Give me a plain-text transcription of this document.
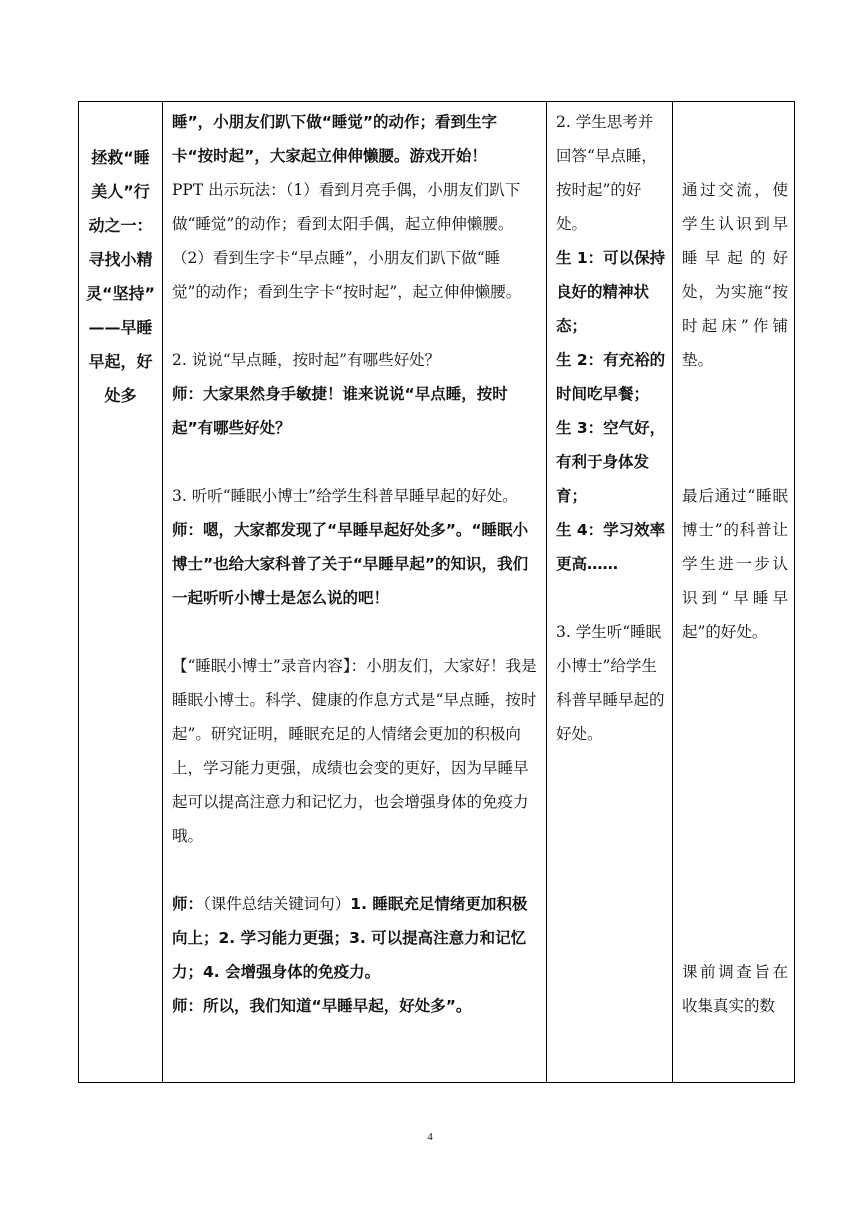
拯救“睡
美人”行
动之一：
寻找小精
灵“坚持”
——早睡
早起，好
处多

睡”，小朋友们趴下做“睡觉”的动作；看到生字卡“按时起”，大家起立伸伸懒腰。游戏开始！

PPT 出示玩法：（1）看到月亮手偶，小朋友们趴下做“睡觉”的动作；看到太阳手偶，起立伸伸懒腰。（2）看到生字卡“早点睡”，小朋友们趴下做“睡觉”的动作；看到生字卡“按时起”，起立伸伸懒腰。

2. 说说“早点睡，按时起”有哪些好处？

师：大家果然身手敏捷！谁来说说“早点睡，按时起”有哪些好处？

3. 听听“睡眠小博士”给学生科普早睡早起的好处。

师：嗯，大家都发现了“早睡早起好处多”。“睡眠小博士”也给大家科普了关于“早睡早起”的知识，我们一起听听小博士是怎么说的吧！

【“睡眠小博士”录音内容】：小朋友们，大家好！我是睡眠小博士。科学、健康的作息方式是“早点睡，按时起”。研究证明，睡眠充足的人情绪会更加的积极向上，学习能力更强，成绩也会变的更好，因为早睡早起可以提高注意力和记忆力，也会增强身体的免疫力哦。

师：（课件总结关键词句）1. 睡眠充足情绪更加积极向上；2. 学习能力更强；3. 可以提高注意力和记忆力；4. 会增强身体的免疫力。

师：所以，我们知道“早睡早起，好处多”。

2. 学生思考并回答“早点睡，按时起”的好处。

生 1：可以保持良好的精神状态；

生 2：有充裕的时间吃早餐；

生 3：空气好，有利于身体发育；

生 4：学习效率更高……

3. 学生听“睡眠小博士”给学生科普早睡早起的好处。

通过交流，使学生认识到早睡早起的好处，为实施“按时起床”作铺垫。

最后通过“睡眠博士”的科普让学生进一步认识到“早睡早起”的好处。

课前调查旨在收集真实的数

4
